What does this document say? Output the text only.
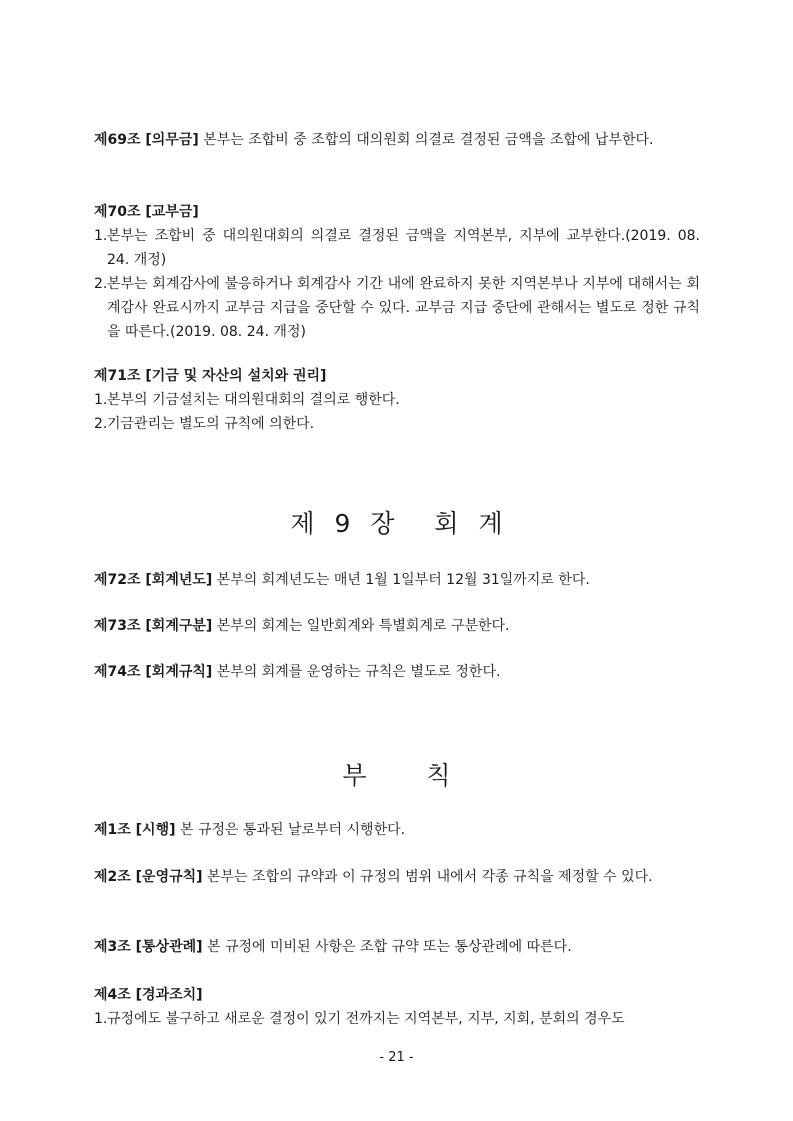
제69조 [의무금] 본부는 조합비 중 조합의 대의원회 의결로 결정된 금액을 조합에 납부한다.
제70조 [교부금]
1. 본부는 조합비 중 대의원대회의 의결로 결정된 금액을 지역본부, 지부에 교부한다.(2019. 08. 24. 개정)
2. 본부는 회계감사에 불응하거나 회계감사 기간 내에 완료하지 못한 지역본부나 지부에 대해서는 회계감사 완료시까지 교부금 지급을 중단할 수 있다. 교부금 지급 중단에 관해서는 별도로 정한 규칙을 따른다.(2019. 08. 24. 개정)
제71조 [기금 및 자산의 설치와 권리]
1. 본부의 기금설치는 대의원대회의 결의로 행한다.
2. 기금관리는 별도의 규칙에 의한다.
제 9 장  회 계
제72조 [회계년도] 본부의 회계년도는 매년 1월 1일부터 12월 31일까지로 한다.
제73조 [회계구분] 본부의 회계는 일반회계와 특별회계로 구분한다.
제74조 [회계규칙] 본부의 회계를 운영하는 규칙은 별도로 정한다.
부   칙
제1조 [시행] 본 규정은 통과된 날로부터 시행한다.
제2조 [운영규칙] 본부는 조합의 규약과 이 규정의 범위 내에서 각종 규칙을 제정할 수 있다.
제3조 [통상관례] 본 규정에 미비된 사항은 조합 규약 또는 통상관례에 따른다.
제4조 [경과조치]
1. 규정에도 불구하고 새로운 결정이 있기 전까지는 지역본부, 지부, 지회, 분회의 경우도
- 21 -
